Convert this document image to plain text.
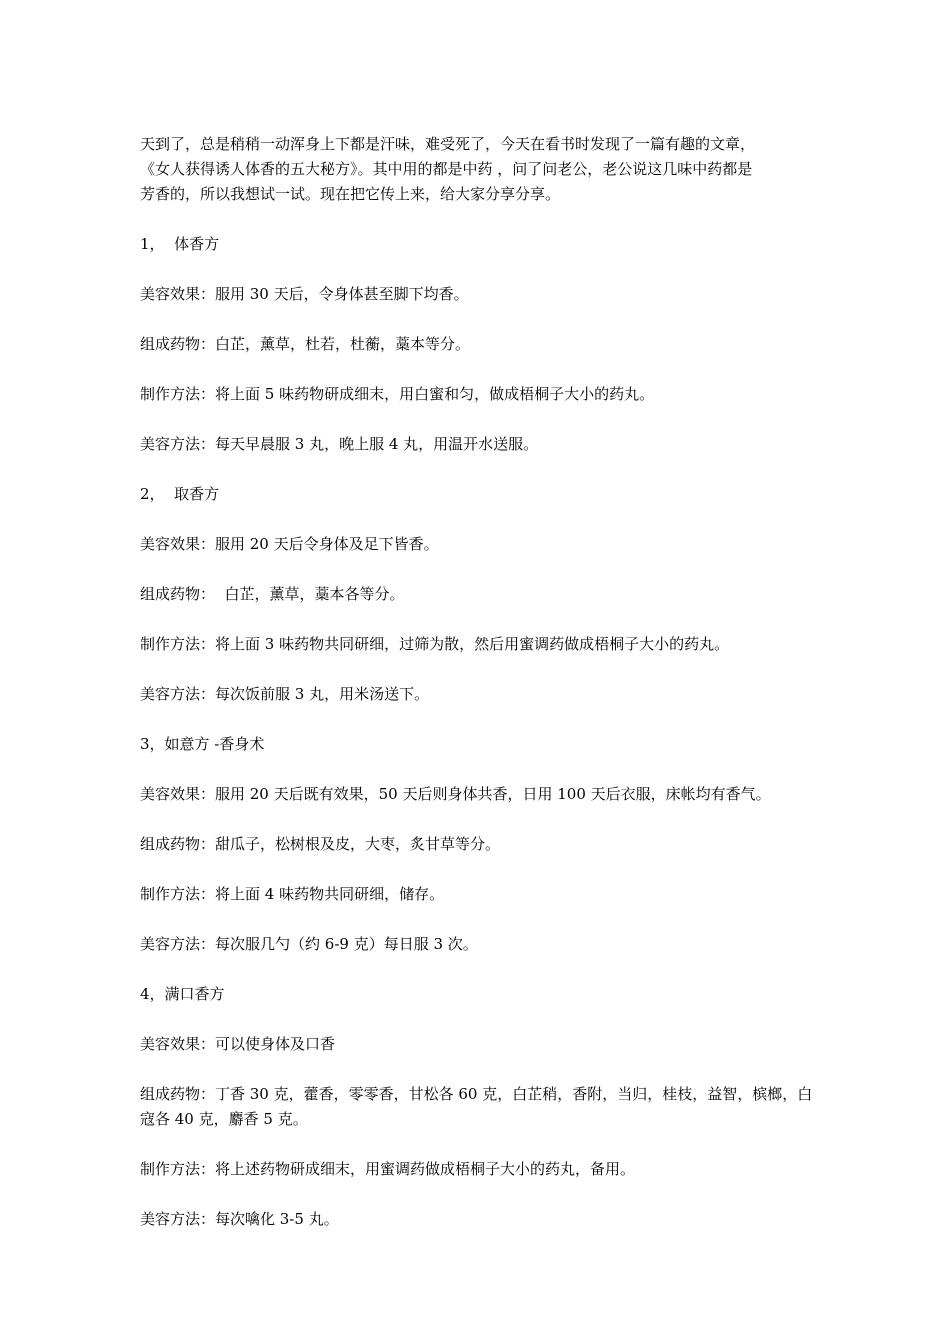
天到了，总是稍稍一动浑身上下都是汗味，难受死了，今天在看书时发现了一篇有趣的文章，
《女人获得诱人体香的五大秘方》。其中用的都是中药 ，问了问老公，老公说这几味中药都是
芳香的，所以我想试一试。现在把它传上来，给大家分享分享。
1，  体香方
美容效果：服用 30 天后，令身体甚至脚下均香。
组成药物：白芷，薰草，杜若，杜蘅，藁本等分。
制作方法：将上面 5 味药物研成细末，用白蜜和匀，做成梧桐子大小的药丸。
美容方法：每天早晨服 3 丸，晚上服 4 丸，用温开水送服。
2，  取香方
美容效果：服用 20 天后令身体及足下皆香。
组成药物：  白芷，薰草，藁本各等分。
制作方法：将上面 3 味药物共同研细，过筛为散，然后用蜜调药做成梧桐子大小的药丸。
美容方法：每次饭前服 3 丸，用米汤送下。
3，如意方 -香身术
美容效果：服用 20 天后既有效果，50 天后则身体共香，日用 100 天后衣服，床帐均有香气。
组成药物：甜瓜子，松树根及皮，大枣，炙甘草等分。
制作方法：将上面 4 味药物共同研细，储存。
美容方法：每次服几勺（约 6-9 克）每日服 3 次。
4，满口香方
美容效果：可以使身体及口香
组成药物：丁香 30 克，藿香，零零香，甘松各 60 克，白芷稍，香附，当归，桂枝，益智，槟榔，白
寇各 40 克，麝香 5 克。
制作方法：将上述药物研成细末，用蜜调药做成梧桐子大小的药丸，备用。
美容方法：每次噙化 3-5 丸。
